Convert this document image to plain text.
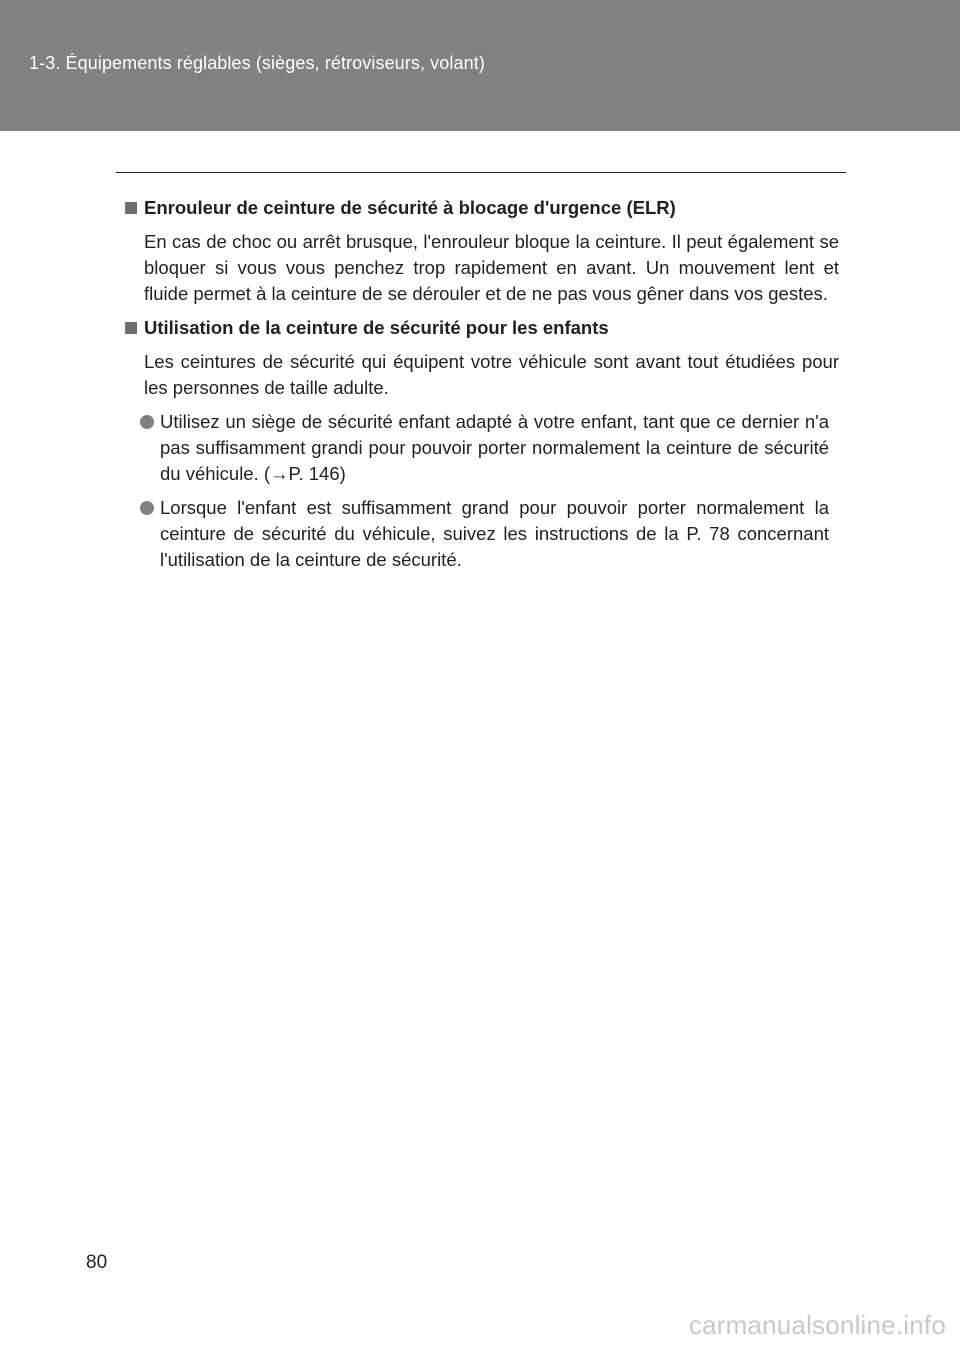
1-3. Équipements réglables (sièges, rétroviseurs, volant)
Enrouleur de ceinture de sécurité à blocage d'urgence (ELR)

En cas de choc ou arrêt brusque, l'enrouleur bloque la ceinture. Il peut également se bloquer si vous vous penchez trop rapidement en avant. Un mouvement lent et fluide permet à la ceinture de se dérouler et de ne pas vous gêner dans vos gestes.

Utilisation de la ceinture de sécurité pour les enfants

Les ceintures de sécurité qui équipent votre véhicule sont avant tout étudiées pour les personnes de taille adulte.

Utilisez un siège de sécurité enfant adapté à votre enfant, tant que ce dernier n'a pas suffisamment grandi pour pouvoir porter normalement la ceinture de sécurité du véhicule. (→P. 146)
Lorsque l'enfant est suffisamment grand pour pouvoir porter normalement la ceinture de sécurité du véhicule, suivez les instructions de la P. 78 concernant l'utilisation de la ceinture de sécurité.
80
carmanualsonline.info
